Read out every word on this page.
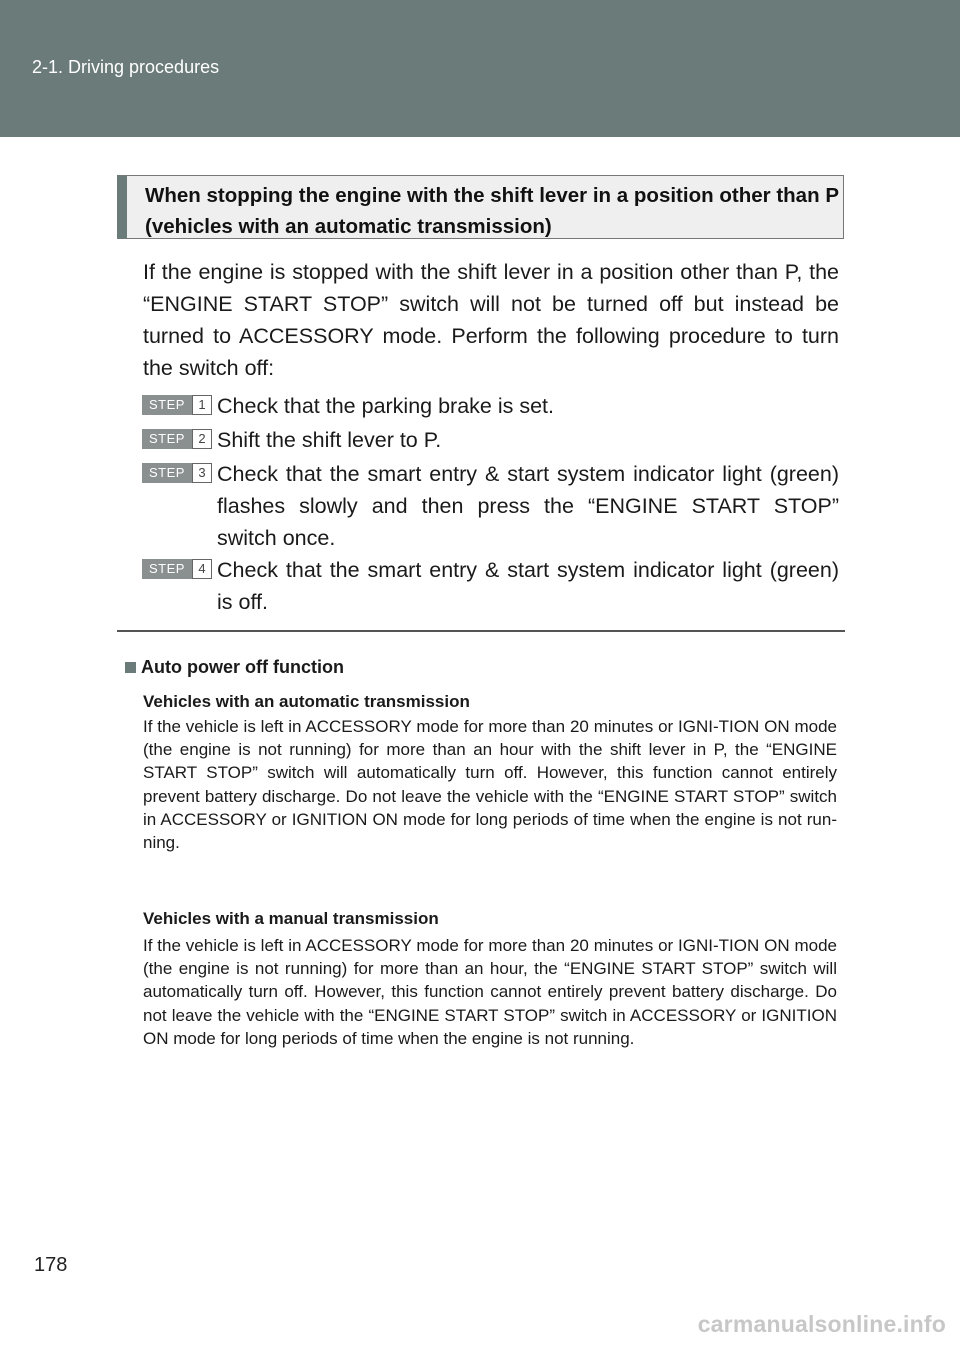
2-1. Driving procedures
When stopping the engine with the shift lever in a position other than P (vehicles with an automatic transmission)
If the engine is stopped with the shift lever in a position other than P, the “ENGINE START STOP” switch will not be turned off but instead be turned to ACCESSORY mode. Perform the following procedure to turn the switch off:
STEP	1 Check that the parking brake is set.
STEP	2 Shift the shift lever to P.
STEP	3 Check that the smart entry & start system indicator light (green) flashes slowly and then press the “ENGINE START STOP” switch once.
STEP	4 Check that the smart entry & start system indicator light (green) is off.
Auto power off function
Vehicles with an automatic transmission
If the vehicle is left in ACCESSORY mode for more than 20 minutes or IGNI-TION ON mode (the engine is not running) for more than an hour with the shift lever in P, the “ENGINE START STOP” switch will automatically turn off. However, this function cannot entirely prevent battery discharge. Do not leave the vehicle with the “ENGINE START STOP” switch in ACCESSORY or IGNITION ON mode for long periods of time when the engine is not run-ning.
Vehicles with a manual transmission
If the vehicle is left in ACCESSORY mode for more than 20 minutes or IGNI-TION ON mode (the engine is not running) for more than an hour, the “ENGINE START STOP” switch will automatically turn off. However, this function cannot entirely prevent battery discharge. Do not leave the vehicle with the “ENGINE START STOP” switch in ACCESSORY or IGNITION ON mode for long periods of time when the engine is not running.
178
carmanualsonline.info
